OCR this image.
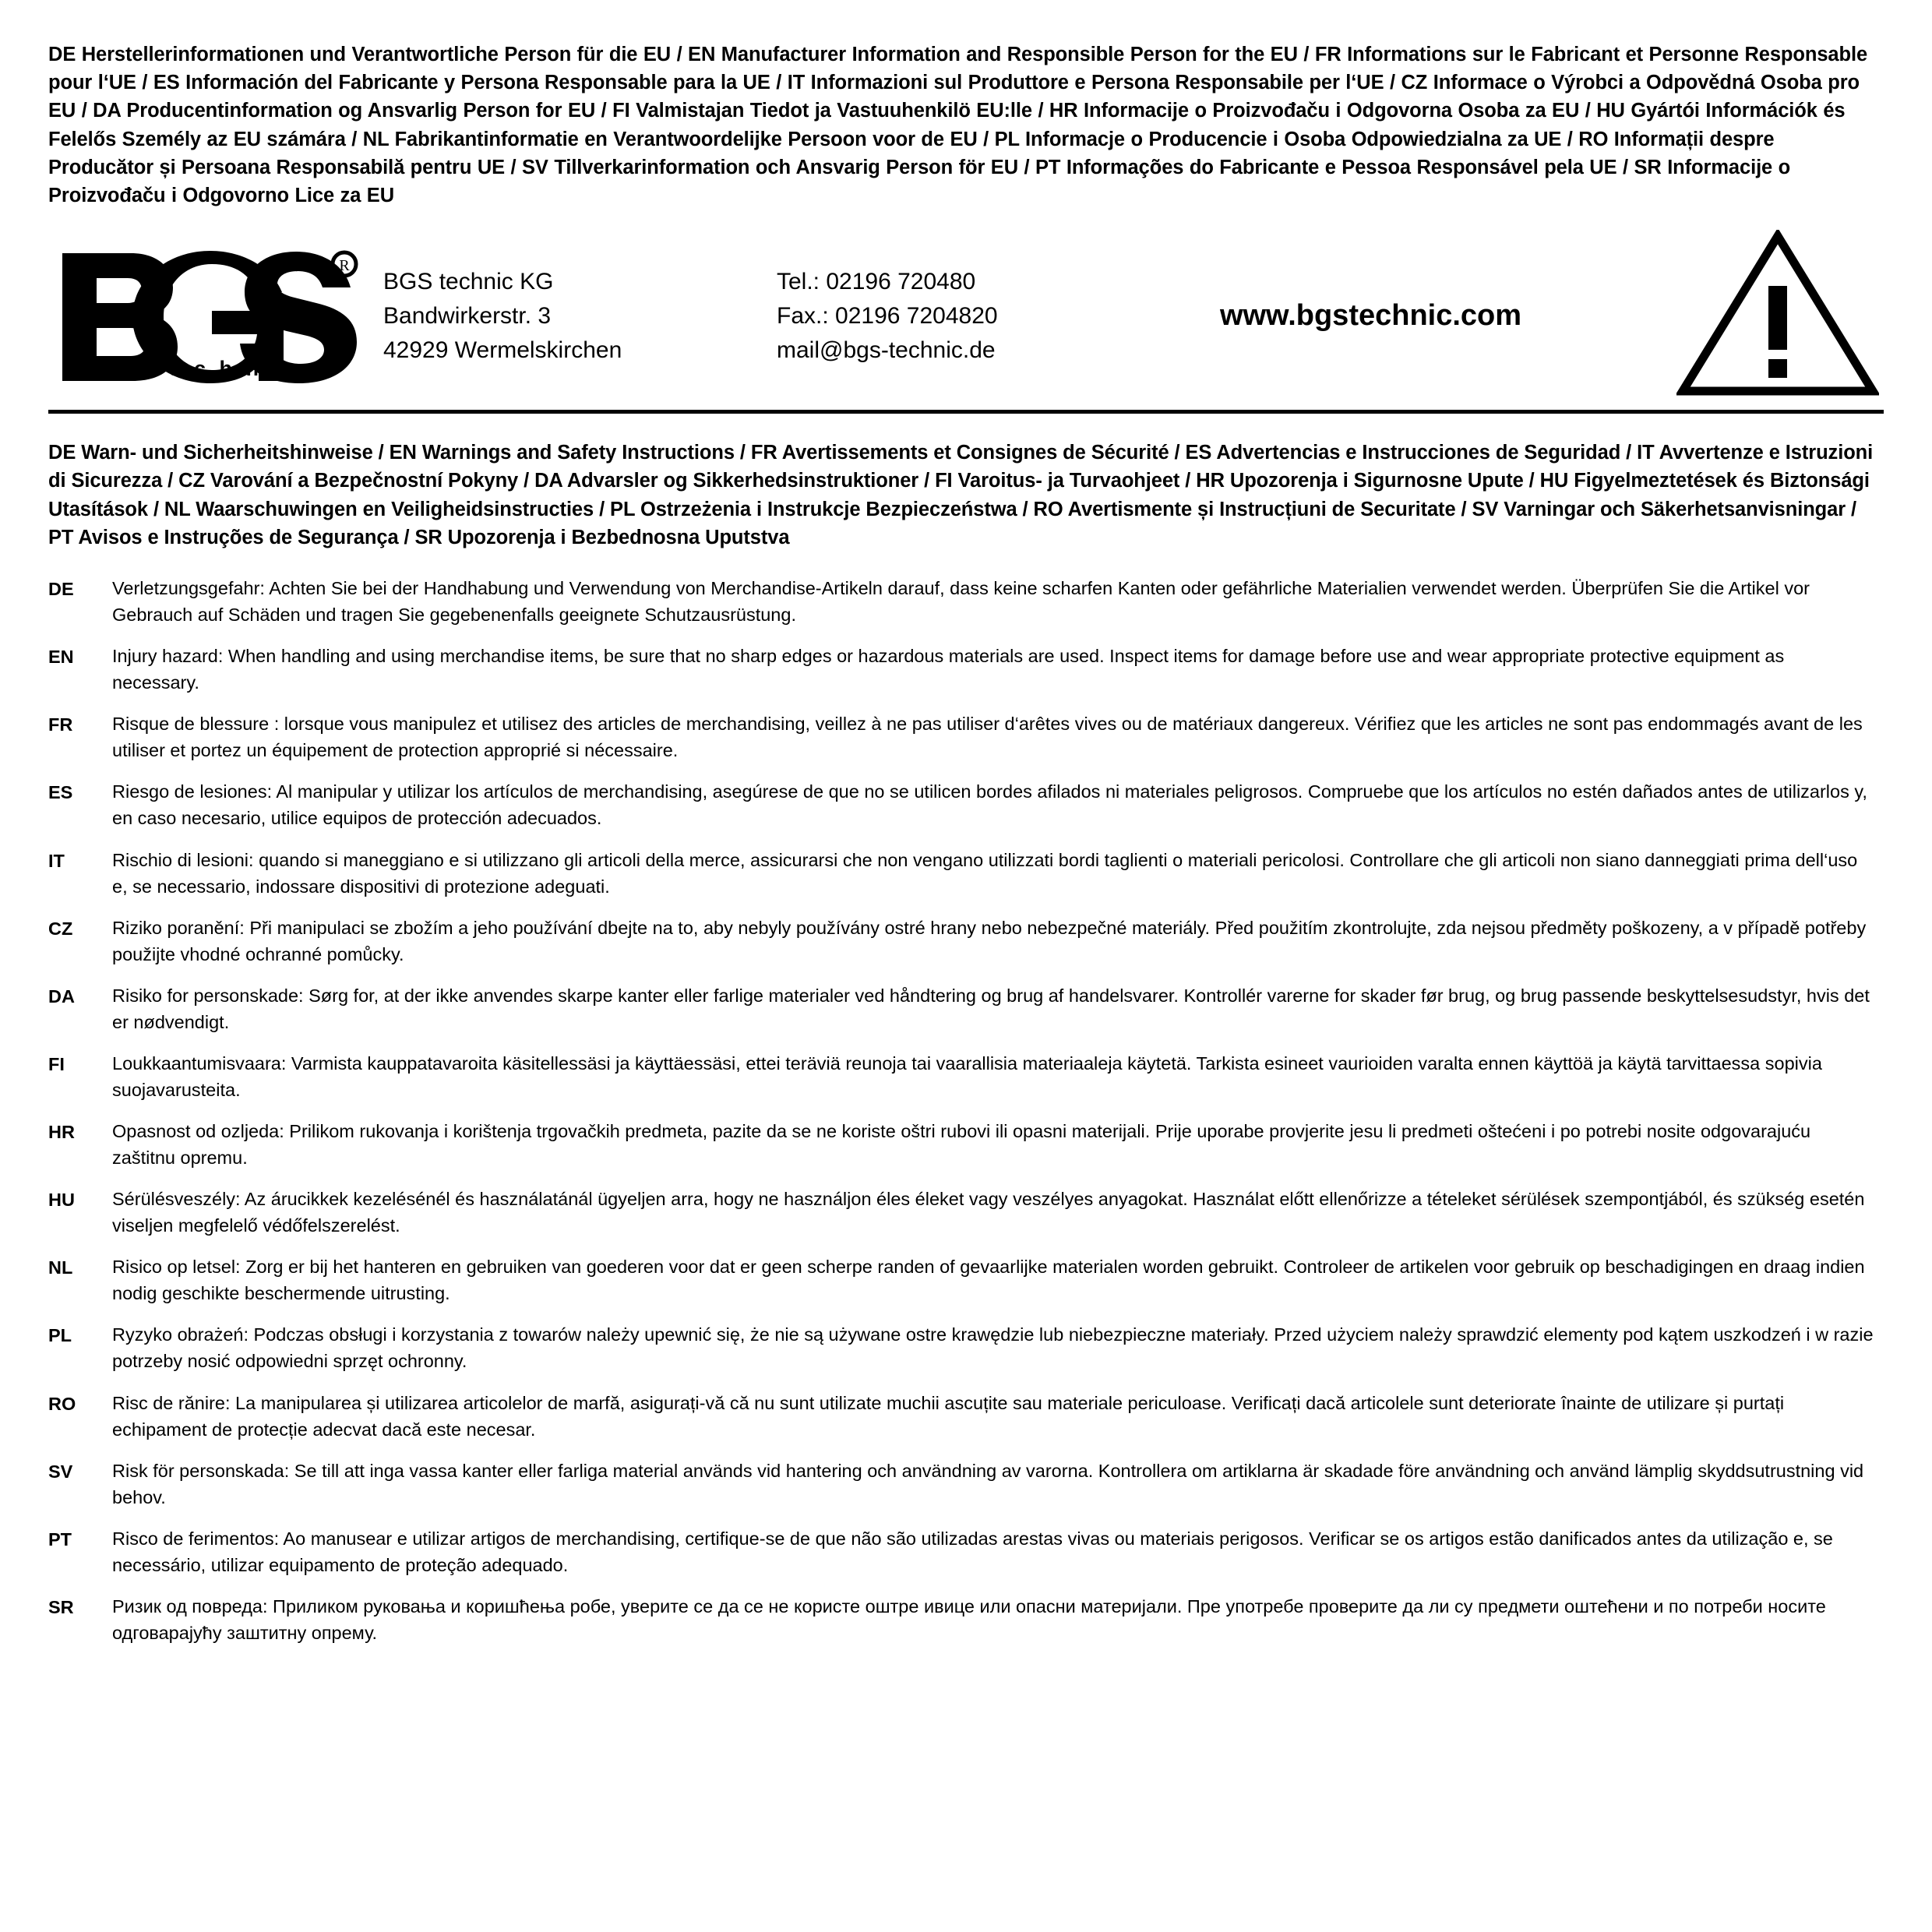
DE Herstellerinformationen und Verantwortliche Person für die EU / EN Manufacturer Information and Responsible Person for the EU / FR Informations sur le Fabricant et Personne Responsable pour l‘UE / ES Información del Fabricante y Persona Responsable para la UE / IT Informazioni sul Produttore e Persona Responsabile per l‘UE / CZ Informace o Výrobci a Odpovědná Osoba pro EU / DA Producentinformation og Ansvarlig Person for EU / FI Valmistajan Tiedot ja Vastuuhenkilö EU:lle / HR Informacije o Proizvođaču i Odgovorna Osoba za EU / HU Gyártói Információk és Felelős Személy az EU számára / NL Fabrikantinformatie en Verantwoordelijke Persoon voor de EU / PL Informacje o Producencie i Osoba Odpowiedzialna za UE / RO Informații despre Producător și Persoana Responsabilă pentru UE / SV Tillverkarinformation och Ansvarig Person för EU / PT Informações do Fabricante e Pessoa Responsável pela UE / SR Informacije o Proizvođaču i Odgovorno Lice za EU
R
t e c h n i c
BGS technic KG
Bandwirkerstr. 3
42929 Wermelskirchen
Tel.: 02196 720480
Fax.: 02196 7204820
mail@bgs-technic.de
www.bgstechnic.com
DE Warn- und Sicherheitshinweise / EN Warnings and Safety Instructions / FR Avertissements et Consignes de Sécurité / ES Advertencias e Instrucciones de Seguridad / IT Avvertenze e Istruzioni di Sicurezza / CZ Varování a Bezpečnostní Pokyny / DA Advarsler og Sikkerhedsinstruktioner / FI Varoitus- ja Turvaohjeet / HR Upozorenja i Sigurnosne Upute / HU Figyelmeztetések és Biztonsági Utasítások / NL Waarschuwingen en Veiligheidsinstructies / PL Ostrzeżenia i Instrukcje Bezpieczeństwa / RO Avertismente și Instrucțiuni de Securitate / SV Varningar och Säkerhetsanvisningar / PT Avisos e Instruções de Segurança / SR Upozorenja i Bezbednosna Uputstva
DE	Verletzungsgefahr: Achten Sie bei der Handhabung und Verwendung von Merchandise-Artikeln darauf, dass keine scharfen Kanten oder gefährliche Materialien verwendet werden. Überprüfen Sie die Artikel vor Gebrauch auf Schäden und tragen Sie gegebenenfalls geeignete Schutzausrüstung.
EN	Injury hazard: When handling and using merchandise items, be sure that no sharp edges or hazardous materials are used. Inspect items for damage before use and wear appropriate protective equipment as necessary.
FR	Risque de blessure : lorsque vous manipulez et utilisez des articles de merchandising, veillez à ne pas utiliser d‘arêtes vives ou de matériaux dangereux. Vérifiez que les articles ne sont pas endommagés avant de les utiliser et portez un équipement de protection approprié si nécessaire.
ES	Riesgo de lesiones: Al manipular y utilizar los artículos de merchandising, asegúrese de que no se utilicen bordes afilados ni materiales peligrosos. Compruebe que los artículos no estén dañados antes de utilizarlos y, en caso necesario, utilice equipos de protección adecuados.
IT	Rischio di lesioni: quando si maneggiano e si utilizzano gli articoli della merce, assicurarsi che non vengano utilizzati bordi taglienti o materiali pericolosi. Controllare che gli articoli non siano danneggiati prima dell‘uso e, se necessario, indossare dispositivi di protezione adeguati.
CZ	Riziko poranění: Při manipulaci se zbožím a jeho používání dbejte na to, aby nebyly používány ostré hrany nebo nebezpečné materiály. Před použitím zkontrolujte, zda nejsou předměty poškozeny, a v případě potřeby použijte vhodné ochranné pomůcky.
DA	Risiko for personskade: Sørg for, at der ikke anvendes skarpe kanter eller farlige materialer ved håndtering og brug af handelsvarer. Kontrollér varerne for skader før brug, og brug passende beskyttelsesudstyr, hvis det er nødvendigt.
FI	Loukkaantumisvaara: Varmista kauppatavaroita käsitellessäsi ja käyttäessäsi, ettei teräviä reunoja tai vaarallisia materiaaleja käytetä. Tarkista esineet vaurioiden varalta ennen käyttöä ja käytä tarvittaessa sopivia suojavarusteita.
HR	Opasnost od ozljeda: Prilikom rukovanja i korištenja trgovačkih predmeta, pazite da se ne koriste oštri rubovi ili opasni materijali. Prije uporabe provjerite jesu li predmeti oštećeni i po potrebi nosite odgovarajuću zaštitnu opremu.
HU	Sérülésveszély: Az árucikkek kezelésénél és használatánál ügyeljen arra, hogy ne használjon éles éleket vagy veszélyes anyagokat. Használat előtt ellenőrizze a tételeket sérülések szempontjából, és szükség esetén viseljen megfelelő védőfelszerelést.
NL	Risico op letsel: Zorg er bij het hanteren en gebruiken van goederen voor dat er geen scherpe randen of gevaarlijke materialen worden gebruikt. Controleer de artikelen voor gebruik op beschadigingen en draag indien nodig geschikte beschermende uitrusting.
PL	Ryzyko obrażeń: Podczas obsługi i korzystania z towarów należy upewnić się, że nie są używane ostre krawędzie lub niebezpieczne materiały. Przed użyciem należy sprawdzić elementy pod kątem uszkodzeń i w razie potrzeby nosić odpowiedni sprzęt ochronny.
RO	Risc de rănire: La manipularea și utilizarea articolelor de marfă, asigurați-vă că nu sunt utilizate muchii ascuțite sau materiale periculoase. Verificați dacă articolele sunt deteriorate înainte de utilizare și purtați echipament de protecție adecvat dacă este necesar.
SV	Risk för personskada: Se till att inga vassa kanter eller farliga material används vid hantering och användning av varorna. Kontrollera om artiklarna är skadade före användning och använd lämplig skyddsutrustning vid behov.
PT	Risco de ferimentos: Ao manusear e utilizar artigos de merchandising, certifique-se de que não são utilizadas arestas vivas ou materiais perigosos. Verificar se os artigos estão danificados antes da utilização e, se necessário, utilizar equipamento de proteção adequado.
SR	Ризик од повреда: Приликом руковања и коришћења робе, уверите се да се не користе оштре ивице или опасни материјали. Пре употребе проверите да ли су предмети оштећени и по потреби носите одговарајућу заштитну опрему.
